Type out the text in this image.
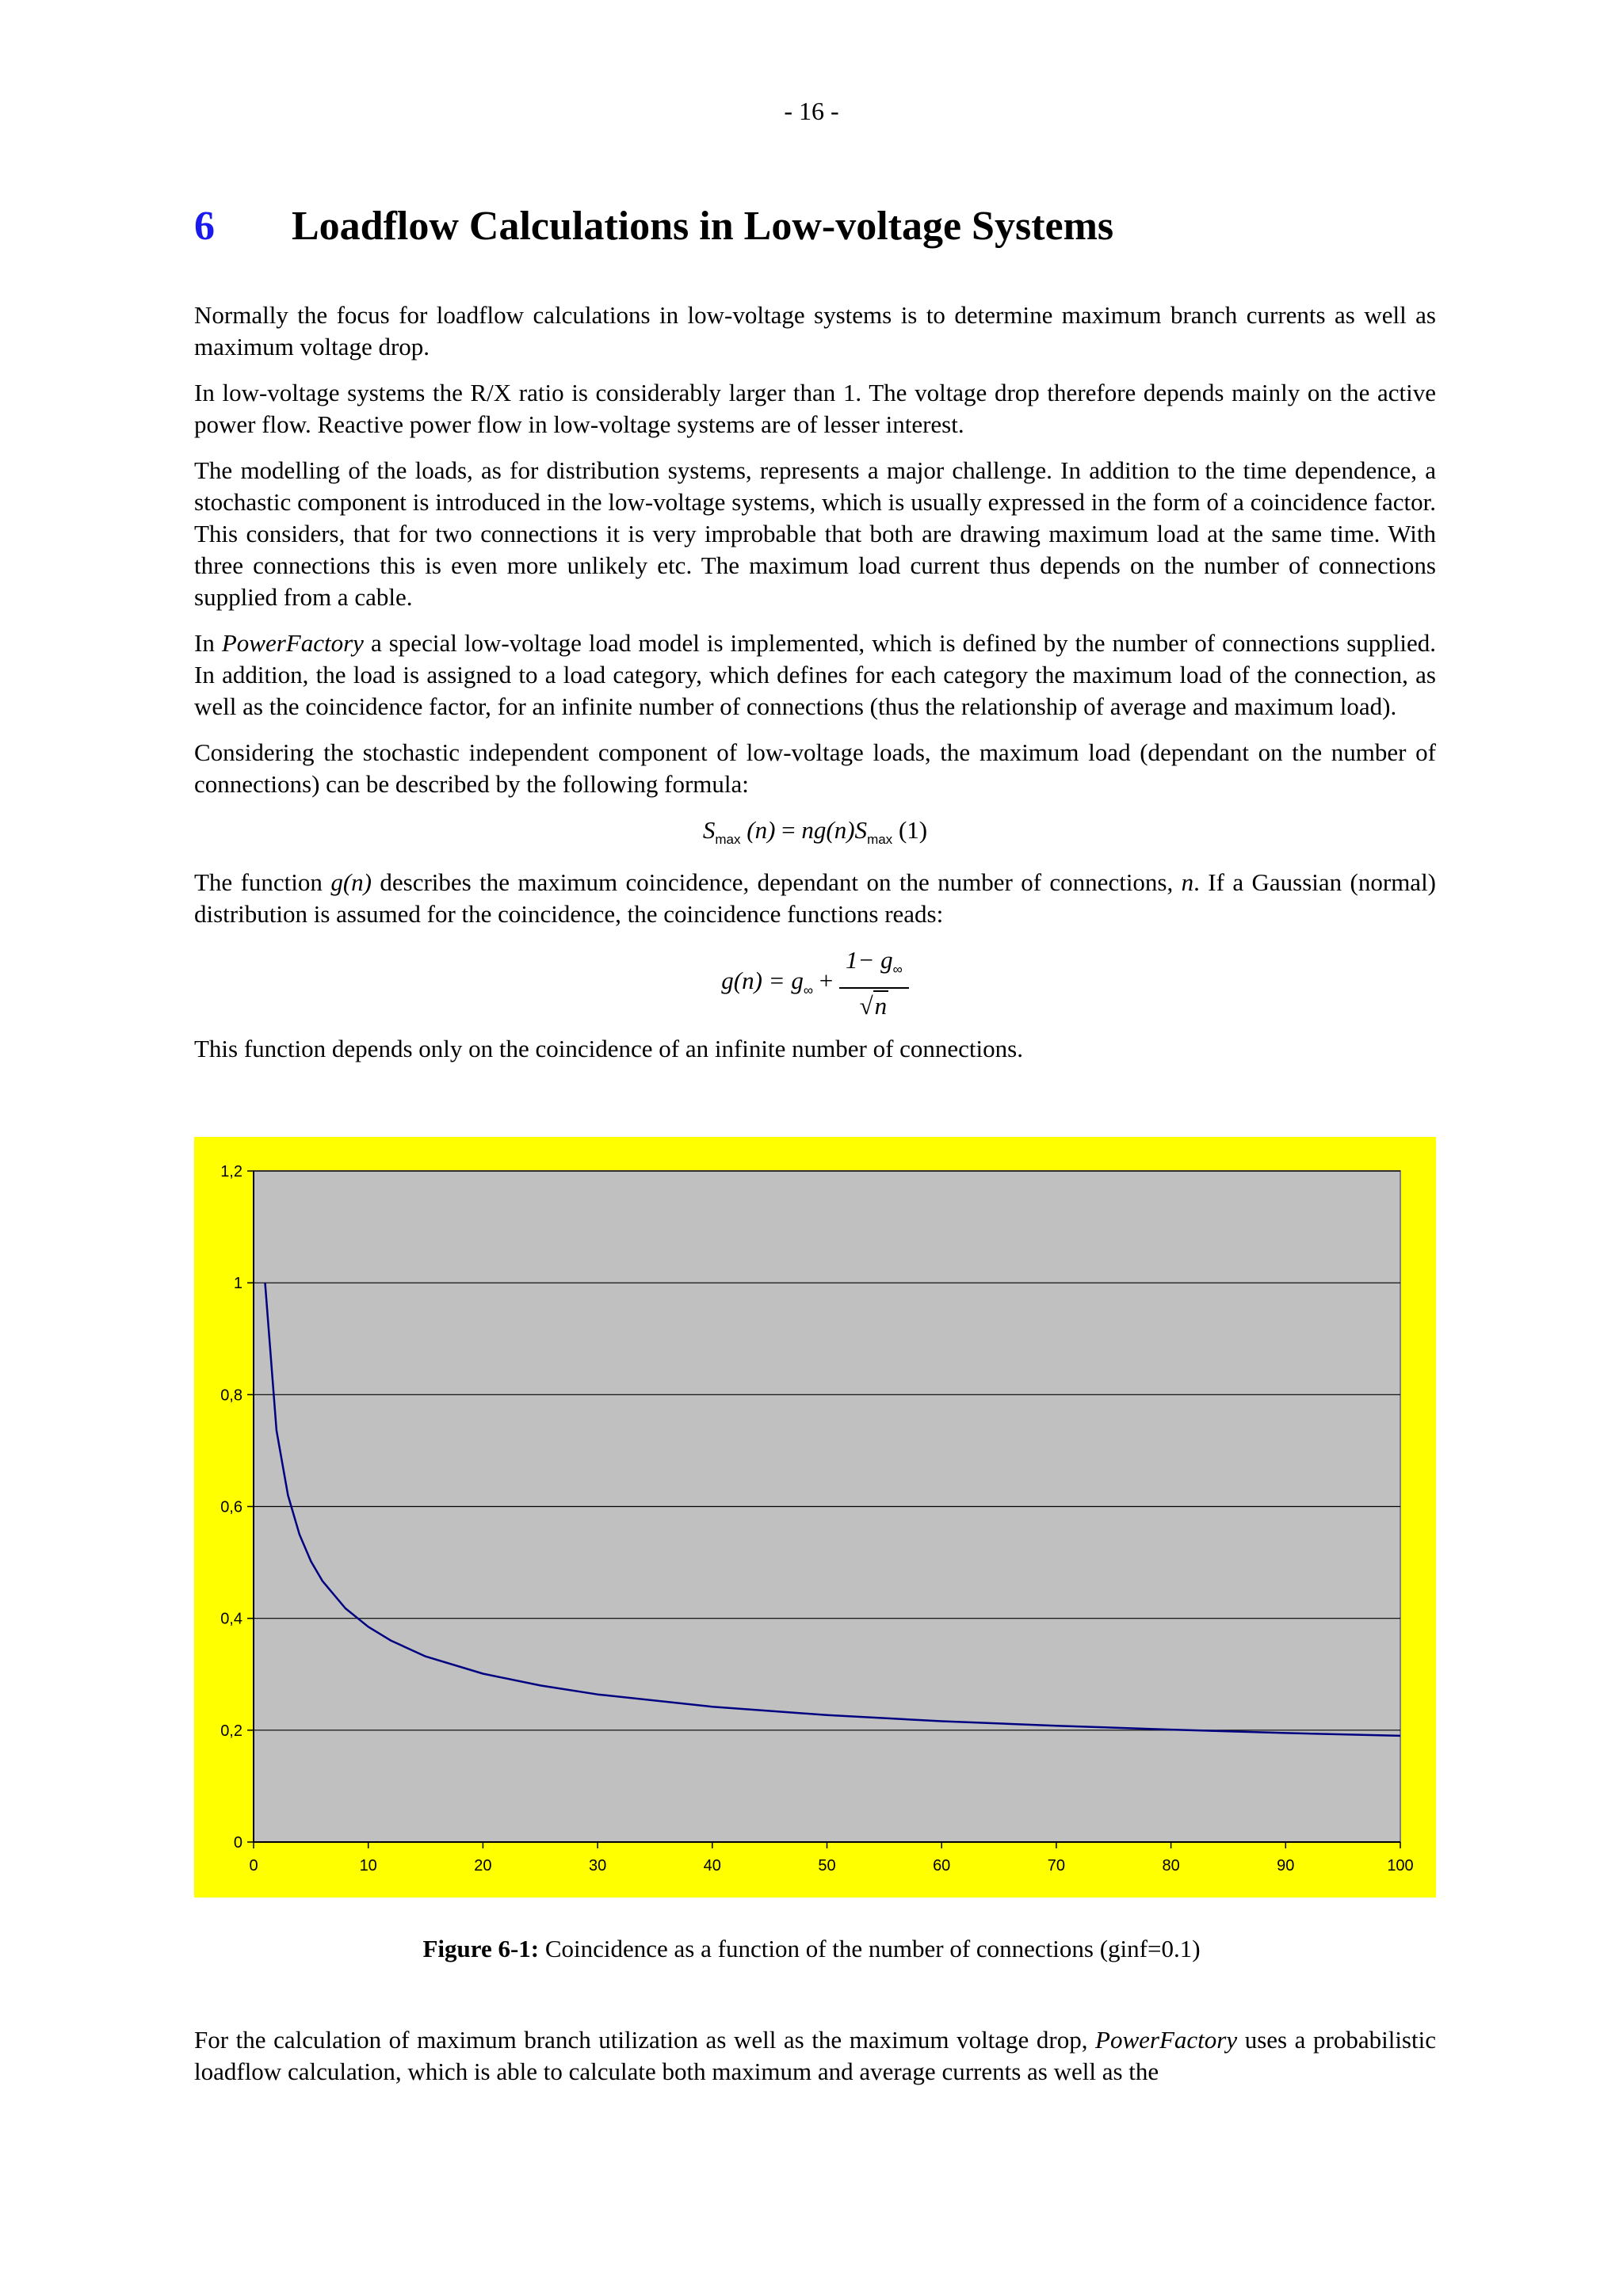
- 16 -
6 Loadflow Calculations in Low-voltage Systems

Normally the focus for loadflow calculations in low-voltage systems is to determine maximum branch currents as well as maximum voltage drop.

In low-voltage systems the R/X ratio is considerably larger than 1. The voltage drop therefore depends mainly on the active power flow. Reactive power flow in low-voltage systems are of lesser interest.

The modelling of the loads, as for distribution systems, represents a major challenge. In addition to the time dependence, a stochastic component is introduced in the low-voltage systems, which is usually expressed in the form of a coincidence factor. This considers, that for two connections it is very improbable that both are drawing maximum load at the same time. With three connections this is even more unlikely etc. The maximum load current thus depends on the number of connections supplied from a cable.

In PowerFactory a special low-voltage load model is implemented, which is defined by the number of connections supplied. In addition, the load is assigned to a load category, which defines for each category the maximum load of the connection, as well as the coincidence factor, for an infinite number of connections (thus the relationship of average and maximum load).

Considering the stochastic independent component of low-voltage loads, the maximum load (dependant on the number of connections) can be described by the following formula:

$S_{max}$ $(n) = ng(n)S_{max}$ (1)

The function g(n) describes the maximum coincidence, dependant on the number of connections, n. If a Gaussian (normal) distribution is assumed for the coincidence, the coincidence functions reads:

$g(n) = g_\infty + \frac{1- g_\infty}{√n}$

This function depends only on the coincidence of an infinite number of connections.

0
0,2
0,4
0,6
0,8
1
1,2
0	10	20	30	40	50	60	70	80	90	100
Figure 6-1: Coincidence as a function of the number of connections (ginf=0.1)

For the calculation of maximum branch utilization as well as the maximum voltage drop, PowerFactory uses a probabilistic loadflow calculation, which is able to calculate both maximum and average currents as well as the
